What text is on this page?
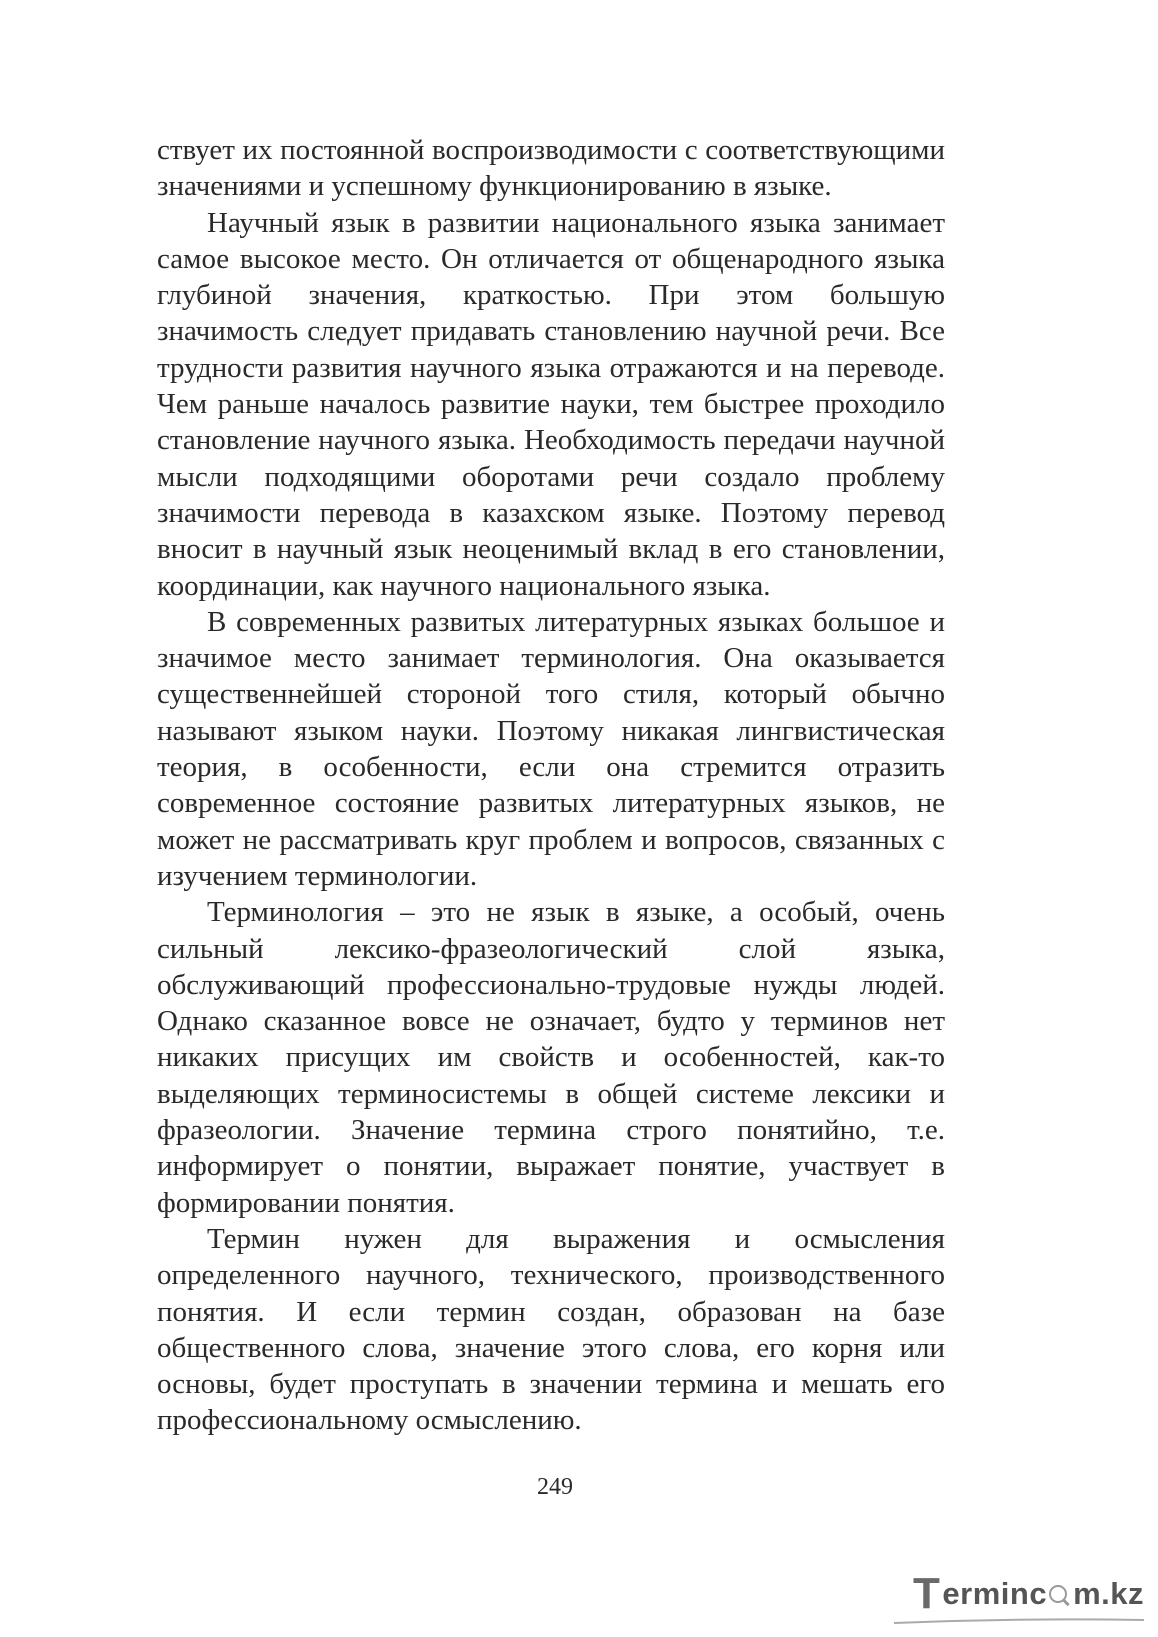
ствует их постоянной воспроизводимости с соответствующими значениями и успешному функционированию в языке.

Научный язык в развитии национального языка занимает самое высокое место. Он отличается от общенародного языка глубиной значения, краткостью. При этом большую значимость следует придавать становлению научной речи. Все трудности развития научного языка отражаются и на переводе. Чем раньше началось развитие науки, тем быстрее проходило становление научного языка. Необходимость передачи научной мысли подходящими оборотами речи создало проблему значимости перевода в казахском языке. Поэтому перевод вносит в научный язык неоценимый вклад в его становлении, координации, как научного национального языка.

В современных развитых литературных языках большое и значимое место занимает терминология. Она оказывается существеннейшей стороной того стиля, который обычно называют языком науки. Поэтому никакая лингвистическая теория, в особенности, если она стремится отразить современное состояние развитых литературных языков, не может не рассматривать круг проблем и вопросов, связанных с изучением терминологии.

Терминология – это не язык в языке, а особый, очень сильный лексико-фразеологический слой языка, обслуживающий профессионально-трудовые нужды людей. Однако сказанное вовсе не означает, будто у терминов нет никаких присущих им свойств и особенностей, как-то выделяющих терминосистемы в общей системе лексики и фразеологии. Значение термина строго понятийно, т.е. информирует о понятии, выражает понятие, участвует в формировании понятия.

Термин нужен для выражения и осмысления определенного научного, технического, производственного понятия. И если термин создан, образован на базе общественного слова, значение этого слова, его корня или основы, будет проступать в значении термина и мешать его профессиональному осмыслению.

249
T erminc m.kz
